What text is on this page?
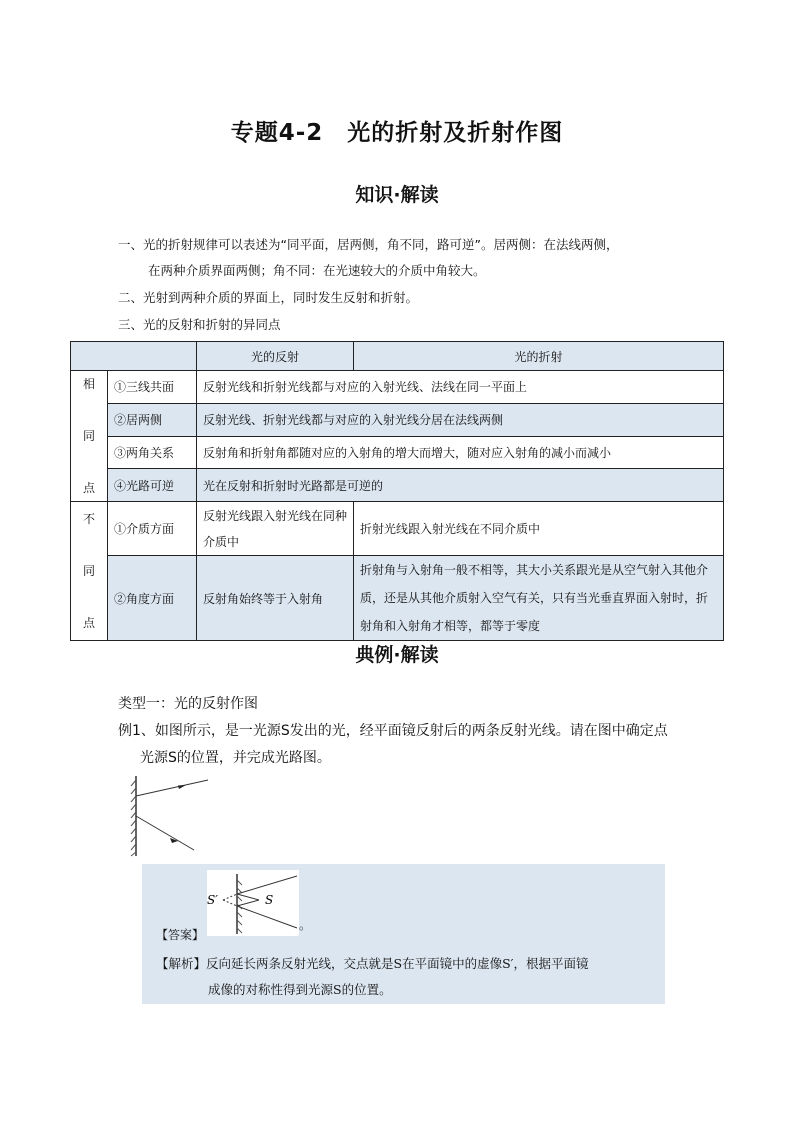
专题4-2　光的折射及折射作图
知识·解读
一、光的折射规律可以表述为“同平面，居两侧，角不同，路可逆”。居两侧：在法线两侧，
在两种介质界面两侧；角不同：在光速较大的介质中角较大。
二、光射到两种介质的界面上，同时发生反射和折射。
三、光的反射和折射的异同点
		光的反射	光的折射
相

同

点	①三线共面	反射光线和折射光线都与对应的入射光线、法线在同一平面上	
	②居两侧	反射光线、折射光线都与对应的入射光线分居在法线两侧	
	③两角关系	反射角和折射角都随对应的入射角的增大而增大，随对应入射角的减小而减小	
	④光路可逆	光在反射和折射时光路都是可逆的	
不

同

点	①介质方面	反射光线跟入射光线在同种介质中	折射光线跟入射光线在不同介质中
	②角度方面	反射角始终等于入射角	折射角与入射角一般不相等，其大小关系跟光是从空气射入其他介质，还是从其他介质射入空气有关，只有当光垂直界面入射时，折射角和入射角才相等，都等于零度
典例·解读
类型一：光的反射作图
例1、如图所示，是一光源S发出的光，经平面镜反射后的两条反射光线。请在图中确定点
光源S的位置，并完成光路图。
S′	S
【答案】
。
【解析】反向延长两条反射光线，交点就是S在平面镜中的虚像S′，根据平面镜
成像的对称性得到光源S的位置。
